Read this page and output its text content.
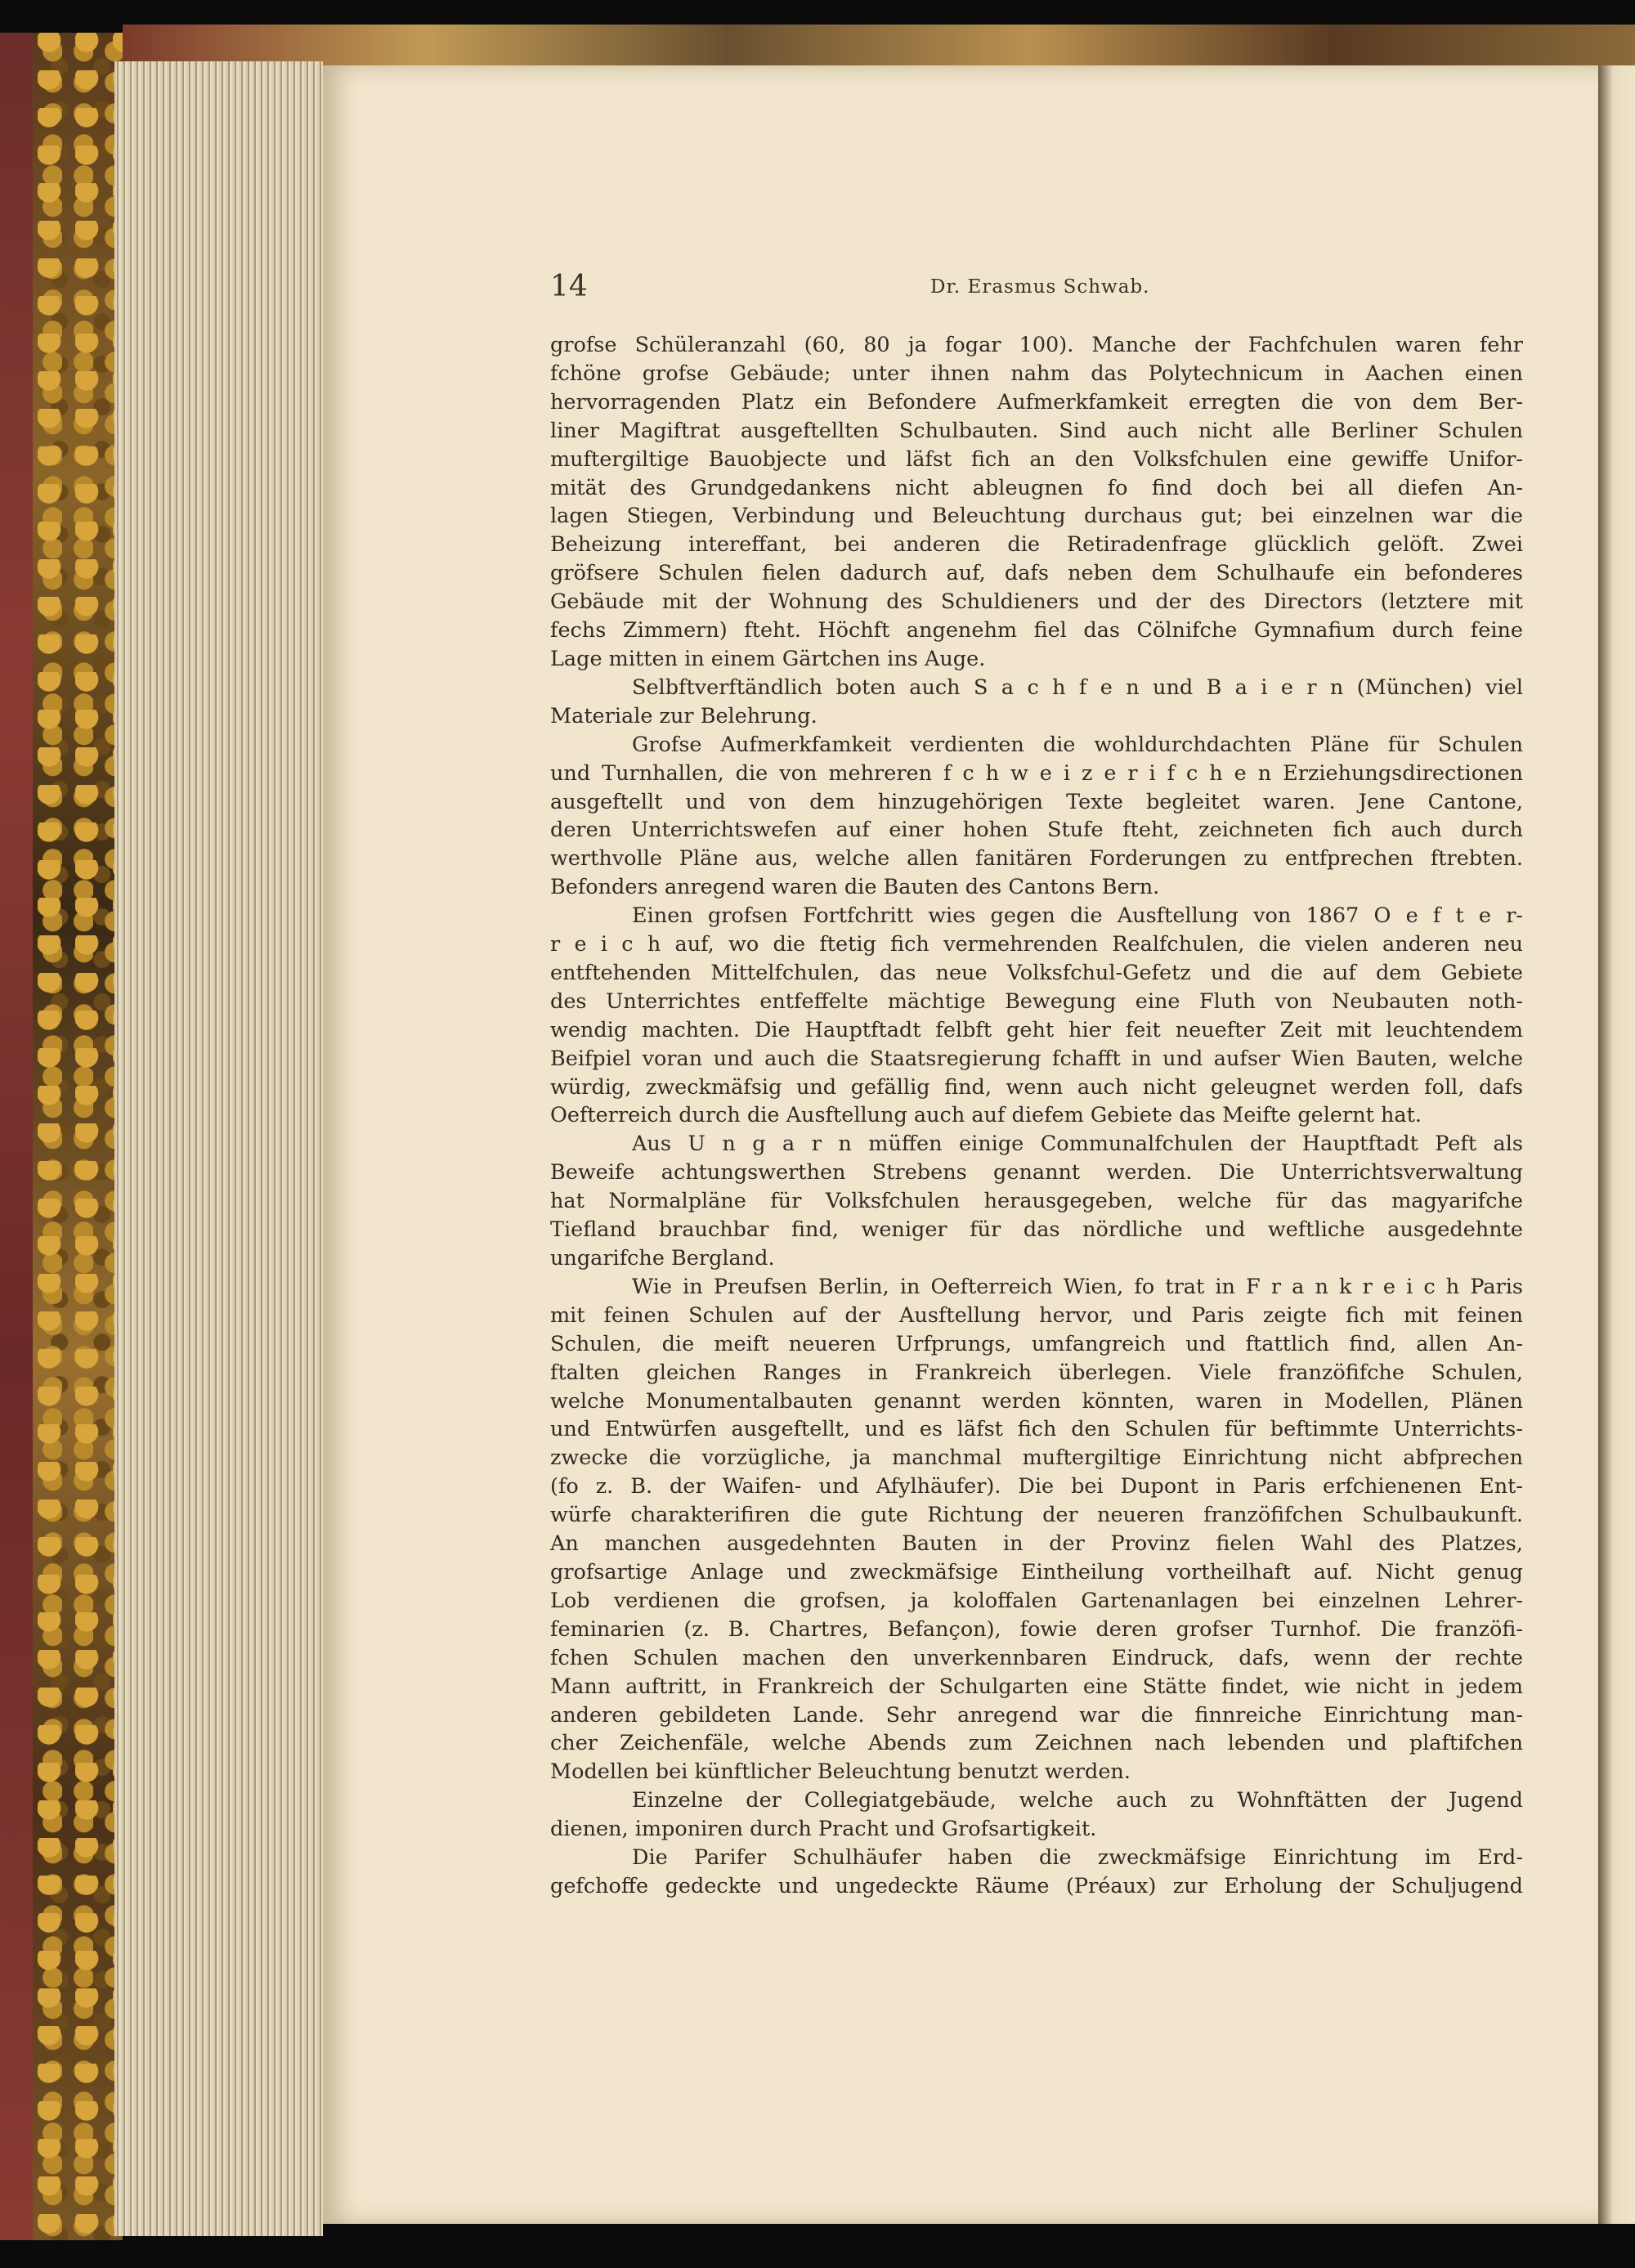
14	Dr. Erasmus Schwab.
grofse Schüleranzahl (60, 80 ja fogar 100). Manche der Fachfchulen waren fehr
fchöne grofse Gebäude; unter ihnen nahm das Polytechnicum in Aachen einen
hervorragenden Platz ein Befondere Aufmerkfamkeit erregten die von dem Ber-
liner Magiftrat ausgeftellten Schulbauten. Sind auch nicht alle Berliner Schulen
muftergiltige Bauobjecte und läfst fich an den Volksfchulen eine gewiffe Unifor-
mität des Grundgedankens nicht ableugnen fo find doch bei all diefen An-
lagen Stiegen, Verbindung und Beleuchtung durchaus gut; bei einzelnen war die
Beheizung intereffant, bei anderen die Retiradenfrage glücklich gelöft. Zwei
gröfsere Schulen fielen dadurch auf, dafs neben dem Schulhaufe ein befonderes
Gebäude mit der Wohnung des Schuldieners und der des Directors (letztere mit
fechs Zimmern) fteht. Höchft angenehm fiel das Cölnifche Gymnafium durch feine
Lage mitten in einem Gärtchen ins Auge.
Selbftverftändlich boten auch S a c h f e n und B a i e r n (München) viel
Materiale zur Belehrung.
Grofse Aufmerkfamkeit verdienten die wohldurchdachten Pläne für Schulen
und Turnhallen, die von mehreren f c h w e i z e r i f c h e n Erziehungsdirectionen
ausgeftellt und von dem hinzugehörigen Texte begleitet waren. Jene Cantone,
deren Unterrichtswefen auf einer hohen Stufe fteht, zeichneten fich auch durch
werthvolle Pläne aus, welche allen fanitären Forderungen zu entfprechen ftrebten.
Befonders anregend waren die Bauten des Cantons Bern.
Einen grofsen Fortfchritt wies gegen die Ausftellung von 1867 O e f t e r-
r e i c h auf, wo die ftetig fich vermehrenden Realfchulen, die vielen anderen neu
entftehenden Mittelfchulen, das neue Volksfchul-Gefetz und die auf dem Gebiete
des Unterrichtes entfeffelte mächtige Bewegung eine Fluth von Neubauten noth-
wendig machten. Die Hauptftadt felbft geht hier feit neuefter Zeit mit leuchtendem
Beifpiel voran und auch die Staatsregierung fchafft in und aufser Wien Bauten, welche
würdig, zweckmäfsig und gefällig find, wenn auch nicht geleugnet werden foll, dafs
Oefterreich durch die Ausftellung auch auf diefem Gebiete das Meifte gelernt hat.
Aus U n g a r n müffen einige Communalfchulen der Hauptftadt Peft als
Beweife achtungswerthen Strebens genannt werden. Die Unterrichtsverwaltung
hat Normalpläne für Volksfchulen herausgegeben, welche für das magyarifche
Tiefland brauchbar find, weniger für das nördliche und weftliche ausgedehnte
ungarifche Bergland.
Wie in Preufsen Berlin, in Oefterreich Wien, fo trat in F r a n k r e i c h Paris
mit feinen Schulen auf der Ausftellung hervor, und Paris zeigte fich mit feinen
Schulen, die meift neueren Urfprungs, umfangreich und ftattlich find, allen An-
ftalten gleichen Ranges in Frankreich überlegen. Viele franzöfifche Schulen,
welche Monumentalbauten genannt werden könnten, waren in Modellen, Plänen
und Entwürfen ausgeftellt, und es läfst fich den Schulen für beftimmte Unterrichts-
zwecke die vorzügliche, ja manchmal muftergiltige Einrichtung nicht abfprechen
(fo z. B. der Waifen- und Afylhäufer). Die bei Dupont in Paris erfchienenen Ent-
würfe charakterifiren die gute Richtung der neueren franzöfifchen Schulbaukunft.
An manchen ausgedehnten Bauten in der Provinz fielen Wahl des Platzes,
grofsartige Anlage und zweckmäfsige Eintheilung vortheilhaft auf. Nicht genug
Lob verdienen die grofsen, ja koloffalen Gartenanlagen bei einzelnen Lehrer-
feminarien (z. B. Chartres, Befançon), fowie deren grofser Turnhof. Die franzöfi-
fchen Schulen machen den unverkennbaren Eindruck, dafs, wenn der rechte
Mann auftritt, in Frankreich der Schulgarten eine Stätte findet, wie nicht in jedem
anderen gebildeten Lande. Sehr anregend war die finnreiche Einrichtung man-
cher Zeichenfäle, welche Abends zum Zeichnen nach lebenden und plaftifchen
Modellen bei künftlicher Beleuchtung benutzt werden.
Einzelne der Collegiatgebäude, welche auch zu Wohnftätten der Jugend
dienen, imponiren durch Pracht und Grofsartigkeit.
Die Parifer Schulhäufer haben die zweckmäfsige Einrichtung im Erd-
gefchoffe gedeckte und ungedeckte Räume (Préaux) zur Erholung der Schuljugend
